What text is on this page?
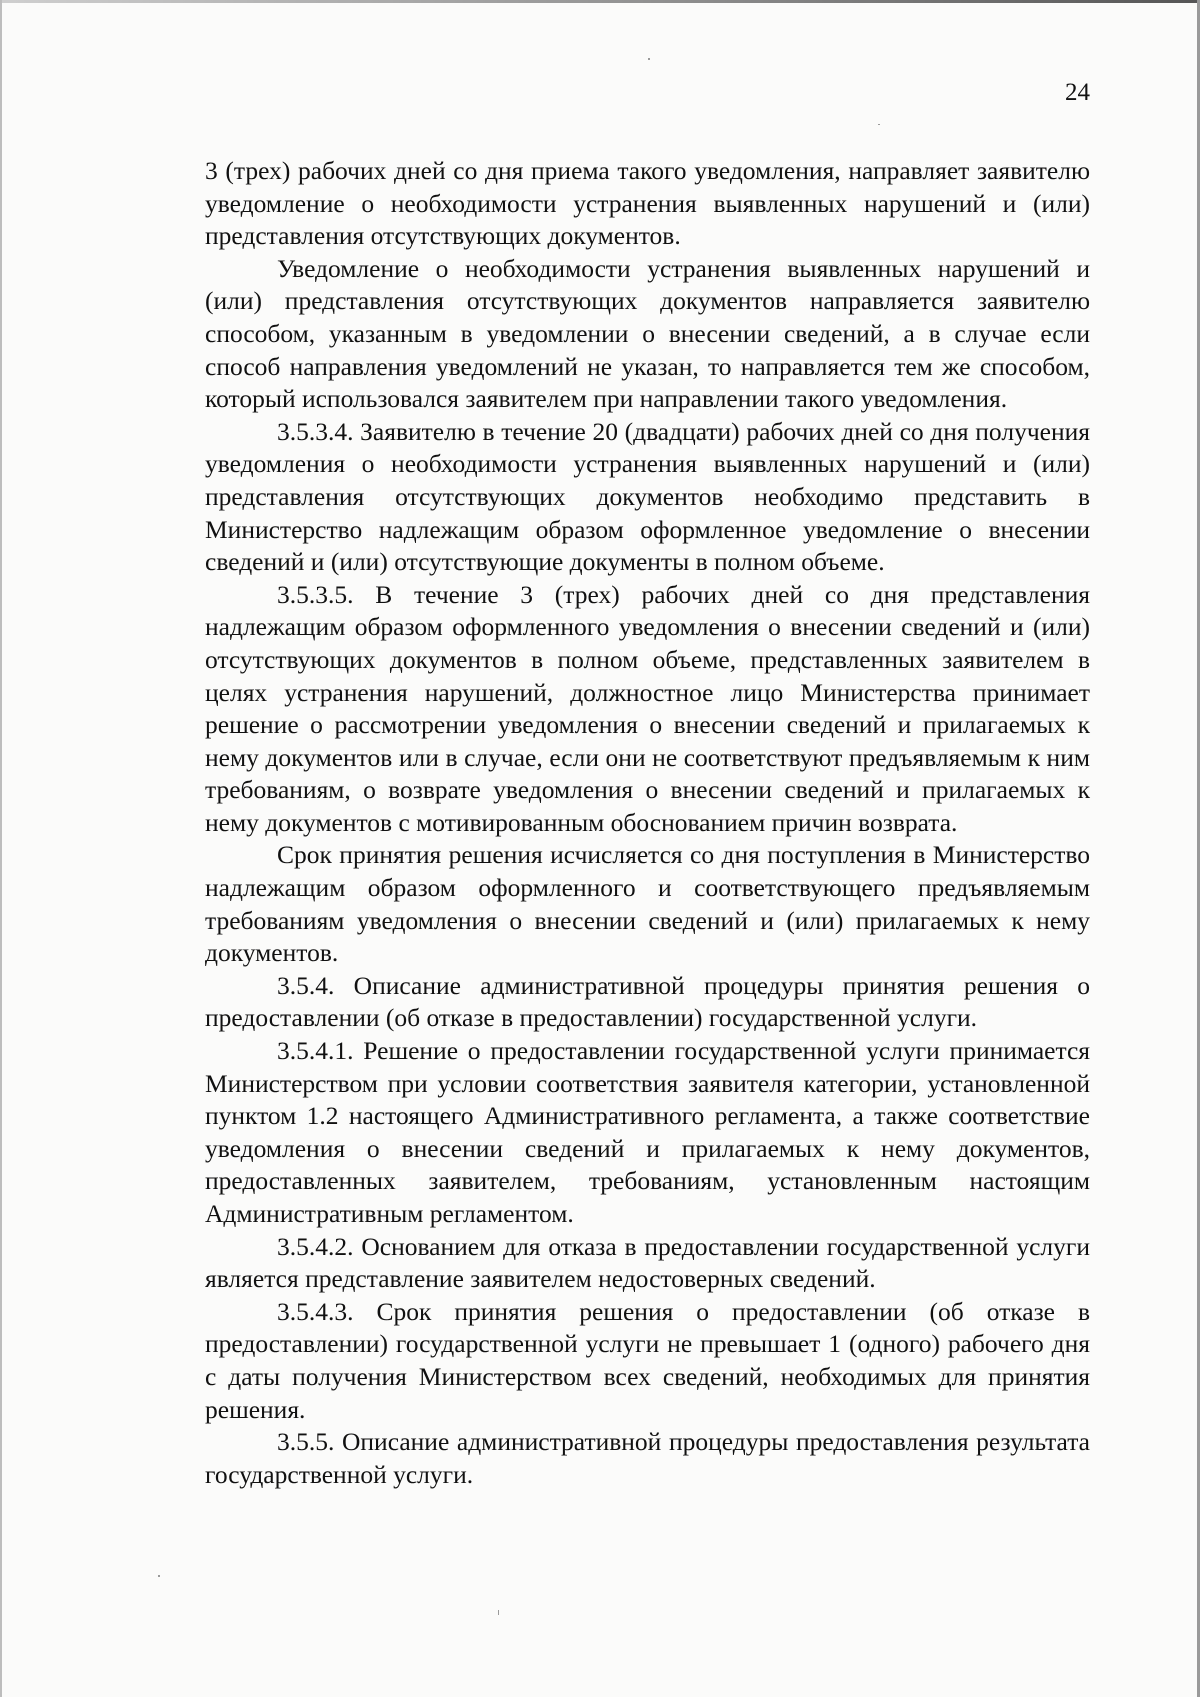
24

3 (трех) рабочих дней со дня приема такого уведомления, направляет заявителю уведомление о необходимости устранения выявленных нарушений и (или) представления отсутствующих документов.

Уведомление о необходимости устранения выявленных нарушений и (или) представления отсутствующих документов направляется заявителю способом, указанным в уведомлении о внесении сведений, а в случае если способ направления уведомлений не указан, то направляется тем же способом, который использовался заявителем при направлении такого уведомления.

3.5.3.4. Заявителю в течение 20 (двадцати) рабочих дней со дня получения уведомления о необходимости устранения выявленных нарушений и (или) представления отсутствующих документов необходимо представить в Министерство надлежащим образом оформленное уведомление о внесении сведений и (или) отсутствующие документы в полном объеме.

3.5.3.5. В течение 3 (трех) рабочих дней со дня представления надлежащим образом оформленного уведомления о внесении сведений и (или) отсутствующих документов в полном объеме, представленных заявителем в целях устранения нарушений, должностное лицо Министерства принимает решение о рассмотрении уведомления о внесении сведений и прилагаемых к нему документов или в случае, если они не соответствуют предъявляемым к ним требованиям, о возврате уведомления о внесении сведений и прилагаемых к нему документов с мотивированным обоснованием причин возврата.

Срок принятия решения исчисляется со дня поступления в Министерство надлежащим образом оформленного и соответствующего предъявляемым требованиям уведомления о внесении сведений и (или) прилагаемых к нему документов.

3.5.4. Описание административной процедуры принятия решения о предоставлении (об отказе в предоставлении) государственной услуги.

3.5.4.1. Решение о предоставлении государственной услуги принимается Министерством при условии соответствия заявителя категории, установленной пунктом 1.2 настоящего Административного регламента, а также соответствие уведомления о внесении сведений и прилагаемых к нему документов, предоставленных заявителем, требованиям, установленным настоящим Административным регламентом.

3.5.4.2. Основанием для отказа в предоставлении государственной услуги является представление заявителем недостоверных сведений.

3.5.4.3. Срок принятия решения о предоставлении (об отказе в предоставлении) государственной услуги не превышает 1 (одного) рабочего дня с даты получения Министерством всех сведений, необходимых для принятия решения.

3.5.5. Описание административной процедуры предоставления результата государственной услуги.
